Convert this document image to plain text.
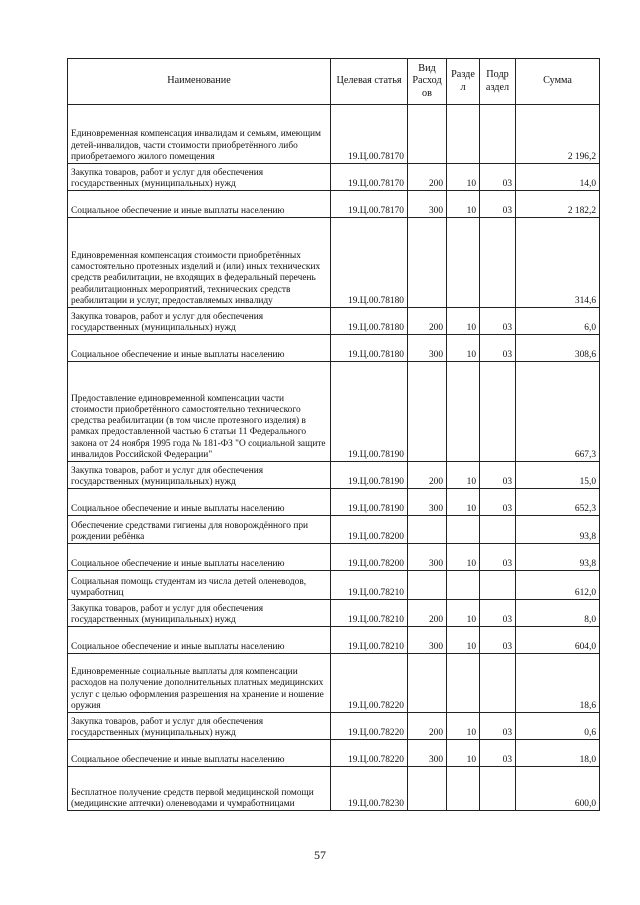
Наименование	Целевая статья	Вид Расход ов	Разде л	Подр аздел	Сумма
Единовременная компенсация инвалидам и семьям, имеющим детей-инвалидов, части стоимости приобретённого либо приобретаемого жилого помещения	19.Ц.00.78170				2 196,2
Закупка товаров, работ и услуг для обеспечения государственных (муниципальных) нужд	19.Ц.00.78170	200	10	03	14,0
Социальное обеспечение и иные выплаты населению	19.Ц.00.78170	300	10	03	2 182,2
Единовременная компенсация стоимости приобретённых самостоятельно протезных изделий и (или) иных технических средств реабилитации, не входящих в федеральный перечень реабилитационных мероприятий, технических средств реабилитации и услуг, предоставляемых инвалиду	19.Ц.00.78180				314,6
Закупка товаров, работ и услуг для обеспечения государственных (муниципальных) нужд	19.Ц.00.78180	200	10	03	6,0
Социальное обеспечение и иные выплаты населению	19.Ц.00.78180	300	10	03	308,6
Предоставление единовременной компенсации части стоимости приобретённого самостоятельно технического средства реабилитации (в том числе протезного изделия) в рамках предоставленной частью 6 статьи 11 Федерального закона от 24 ноября 1995 года № 181-ФЗ "О социальной защите инвалидов Российской Федерации"	19.Ц.00.78190				667,3
Закупка товаров, работ и услуг для обеспечения государственных (муниципальных) нужд	19.Ц.00.78190	200	10	03	15,0
Социальное обеспечение и иные выплаты населению	19.Ц.00.78190	300	10	03	652,3
Обеспечение средствами гигиены для новорождённого при рождении ребёнка	19.Ц.00.78200				93,8
Социальное обеспечение и иные выплаты населению	19.Ц.00.78200	300	10	03	93,8
Социальная помощь студентам из числа детей оленеводов, чумработниц	19.Ц.00.78210				612,0
Закупка товаров, работ и услуг для обеспечения государственных (муниципальных) нужд	19.Ц.00.78210	200	10	03	8,0
Социальное обеспечение и иные выплаты населению	19.Ц.00.78210	300	10	03	604,0
Единовременные социальные выплаты для компенсации расходов на получение дополнительных платных медицинских услуг с целью оформления разрешения на хранение и ношение оружия	19.Ц.00.78220				18,6
Закупка товаров, работ и услуг для обеспечения государственных (муниципальных) нужд	19.Ц.00.78220	200	10	03	0,6
Социальное обеспечение и иные выплаты населению	19.Ц.00.78220	300	10	03	18,0
Бесплатное получение средств первой медицинской помощи (медицинские аптечки) оленеводами и чумработницами	19.Ц.00.78230				600,0
57
